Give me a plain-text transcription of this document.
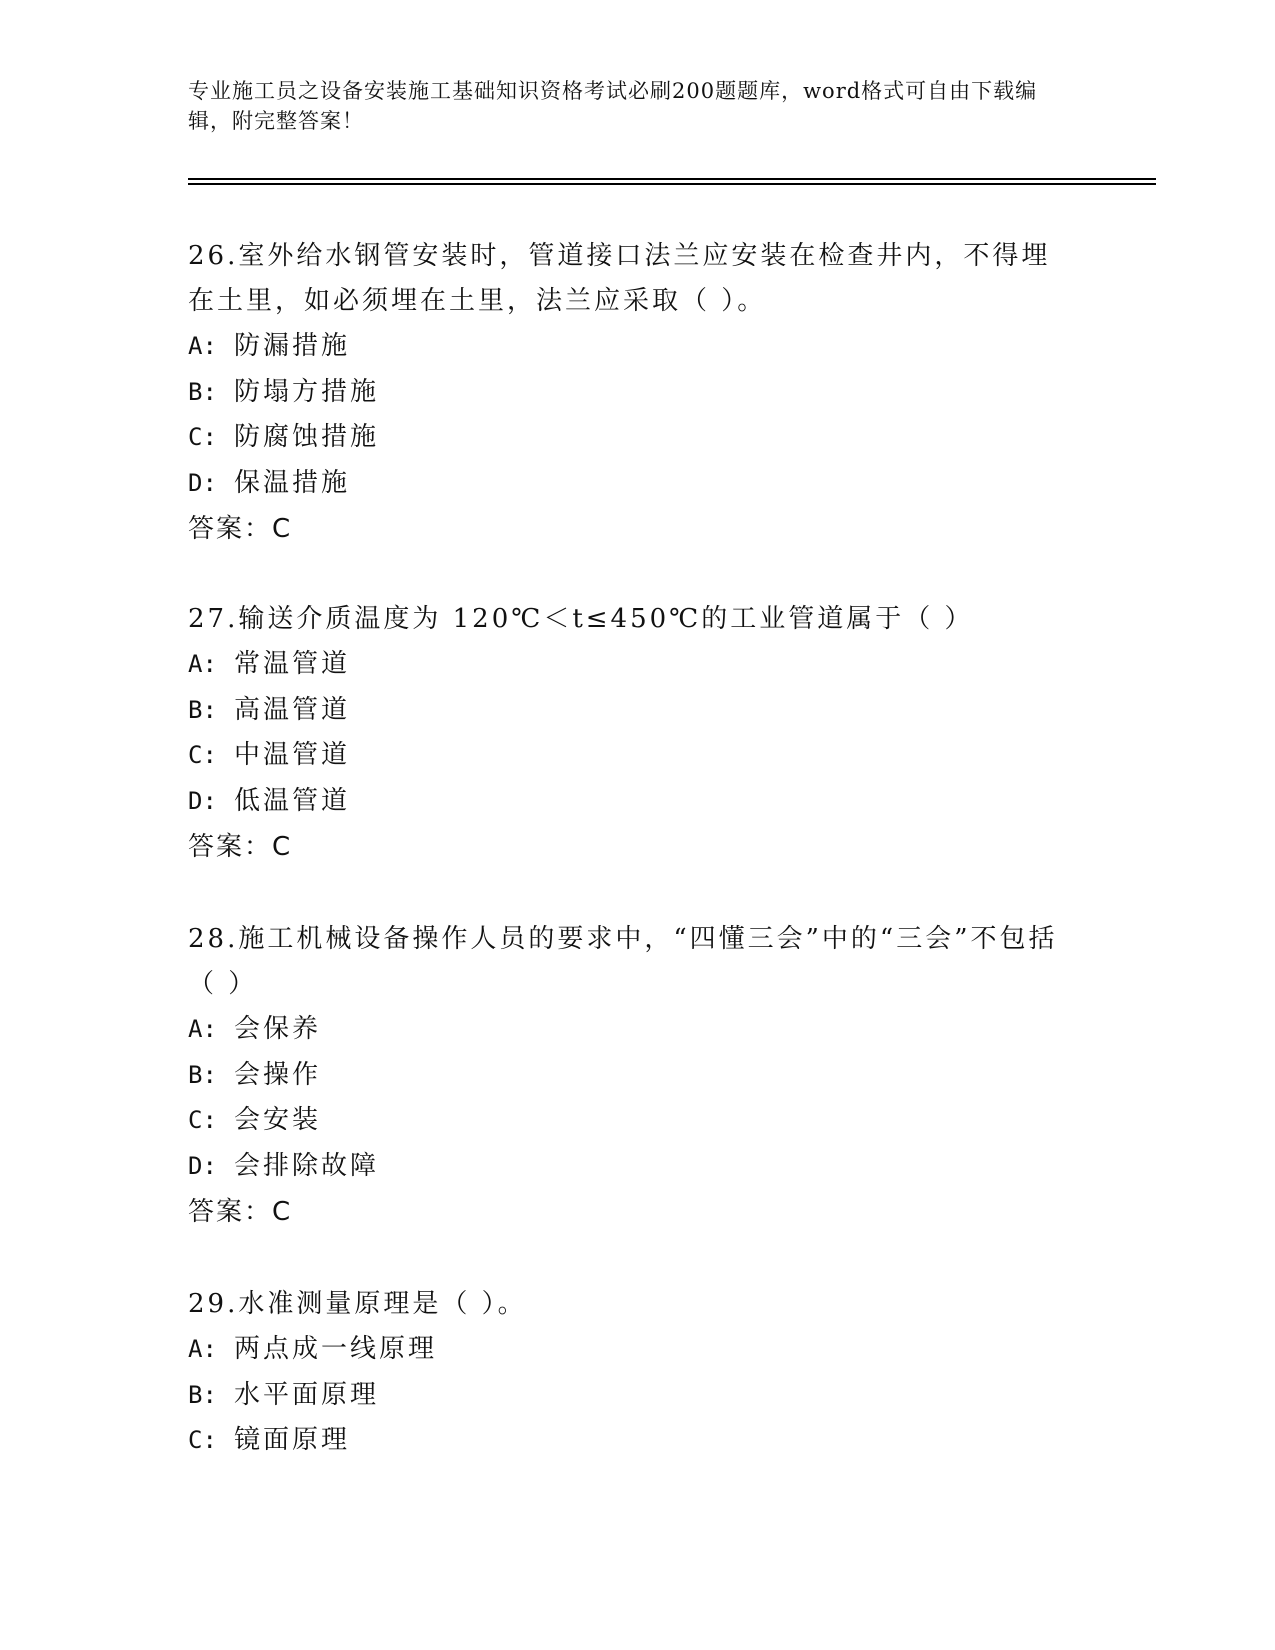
专业施工员之设备安装施工基础知识资格考试必刷200题题库，word格式可自由下载编辑，附完整答案！
26.室外给水钢管安装时，管道接口法兰应安装在检查井内，不得埋在土里，如必须埋在土里，法兰应采取（ ）。
A: 防漏措施
B: 防塌方措施
C: 防腐蚀措施
D: 保温措施
答案：C
27.输送介质温度为 120℃＜t≤450℃的工业管道属于（ ）
A: 常温管道
B: 高温管道
C: 中温管道
D: 低温管道
答案：C
28.施工机械设备操作人员的要求中，“四懂三会”中的“三会”不包括（ ）
A: 会保养
B: 会操作
C: 会安装
D: 会排除故障
答案：C
29.水准测量原理是（ ）。
A: 两点成一线原理
B: 水平面原理
C: 镜面原理
